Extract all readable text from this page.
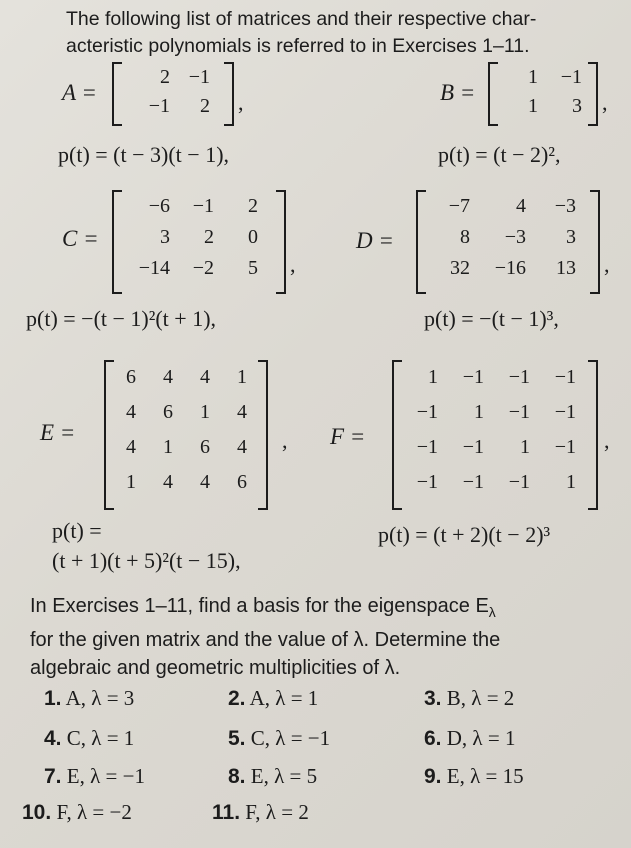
The following list of matrices and their respective char-
acteristic polynomials is referred to in Exercises 1–11.
A =
2 −1
−1	2 ,
p(t) = (t − 3)(t − 1),
B =
1	−1
1	3 ,
p(t) = (t − 2)²,
C =
−6	−1	2
3	2	0
−14	−2	5 ,
p(t) = −(t − 1)²(t + 1),
D =
−7	4	−3
8	−3	3
32	−16	13 ,
p(t) = −(t − 1)³,
E =
6	4	4	1
4	6	1	4
4	1	6	4
1	4	4	6
,
p(t) =
(t + 1)(t + 5)²(t − 15),
F =
1	−1	−1	−1
−1	1	−1	−1
−1	−1	1	−1
−1	−1	−1	1
,
p(t) = (t + 2)(t − 2)³
In Exercises 1–11, find a basis for the eigenspace $E_\lambda$
for the given matrix and the value of λ. Determine the
algebraic and geometric multiplicities of λ.
1. A, λ = 3	2. A, λ = 1	3. B, λ = 2
4. C, λ = 1	5. C, λ = −1	6. D, λ = 1
7. E, λ = −1	8. E, λ = 5	9. E, λ = 15
10. F, λ = −2	11. F, λ = 2
